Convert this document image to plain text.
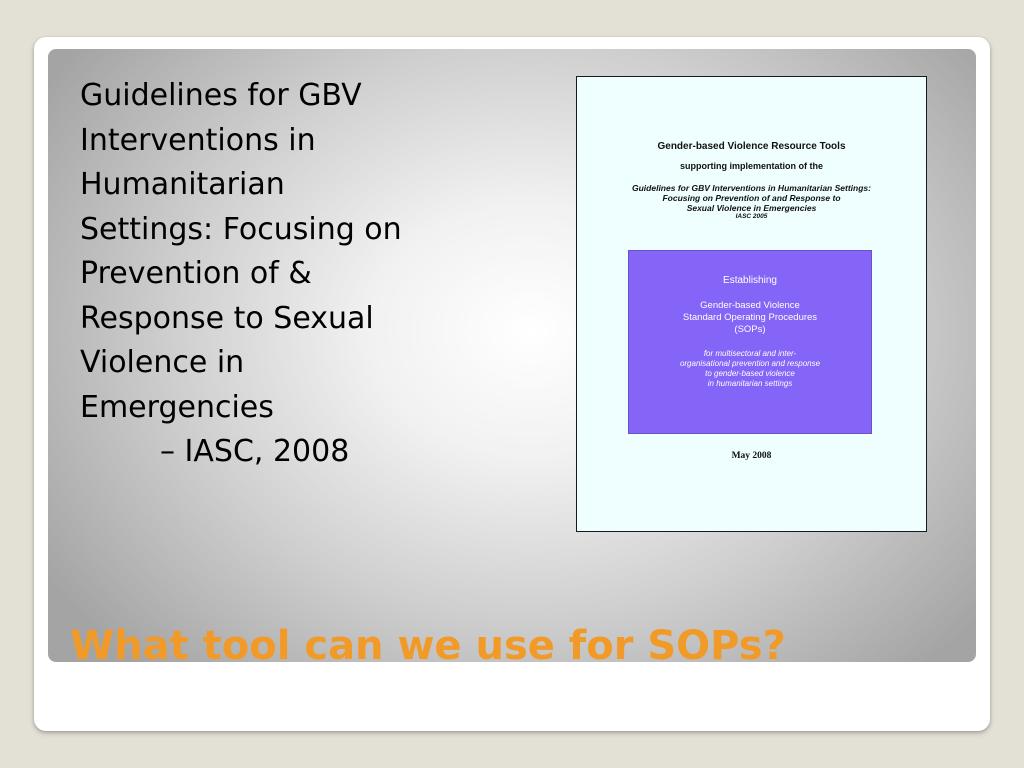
Guidelines for GBV
Interventions in
Humanitarian
Settings: Focusing on
Prevention of &
Response to Sexual
Violence in
Emergencies
– IASC, 2008

Gender-based Violence Resource Tools
supporting implementation of the
Guidelines for GBV Interventions in Humanitarian Settings:
Focusing on Prevention of and Response to
Sexual Violence in Emergencies
IASC 2005
Establishing
Gender-based Violence
Standard Operating Procedures
(SOPs)
for multisectoral and inter-
organisational prevention and response
to gender-based violence
in humanitarian settings
May 2008
What tool can we use for SOPs?
